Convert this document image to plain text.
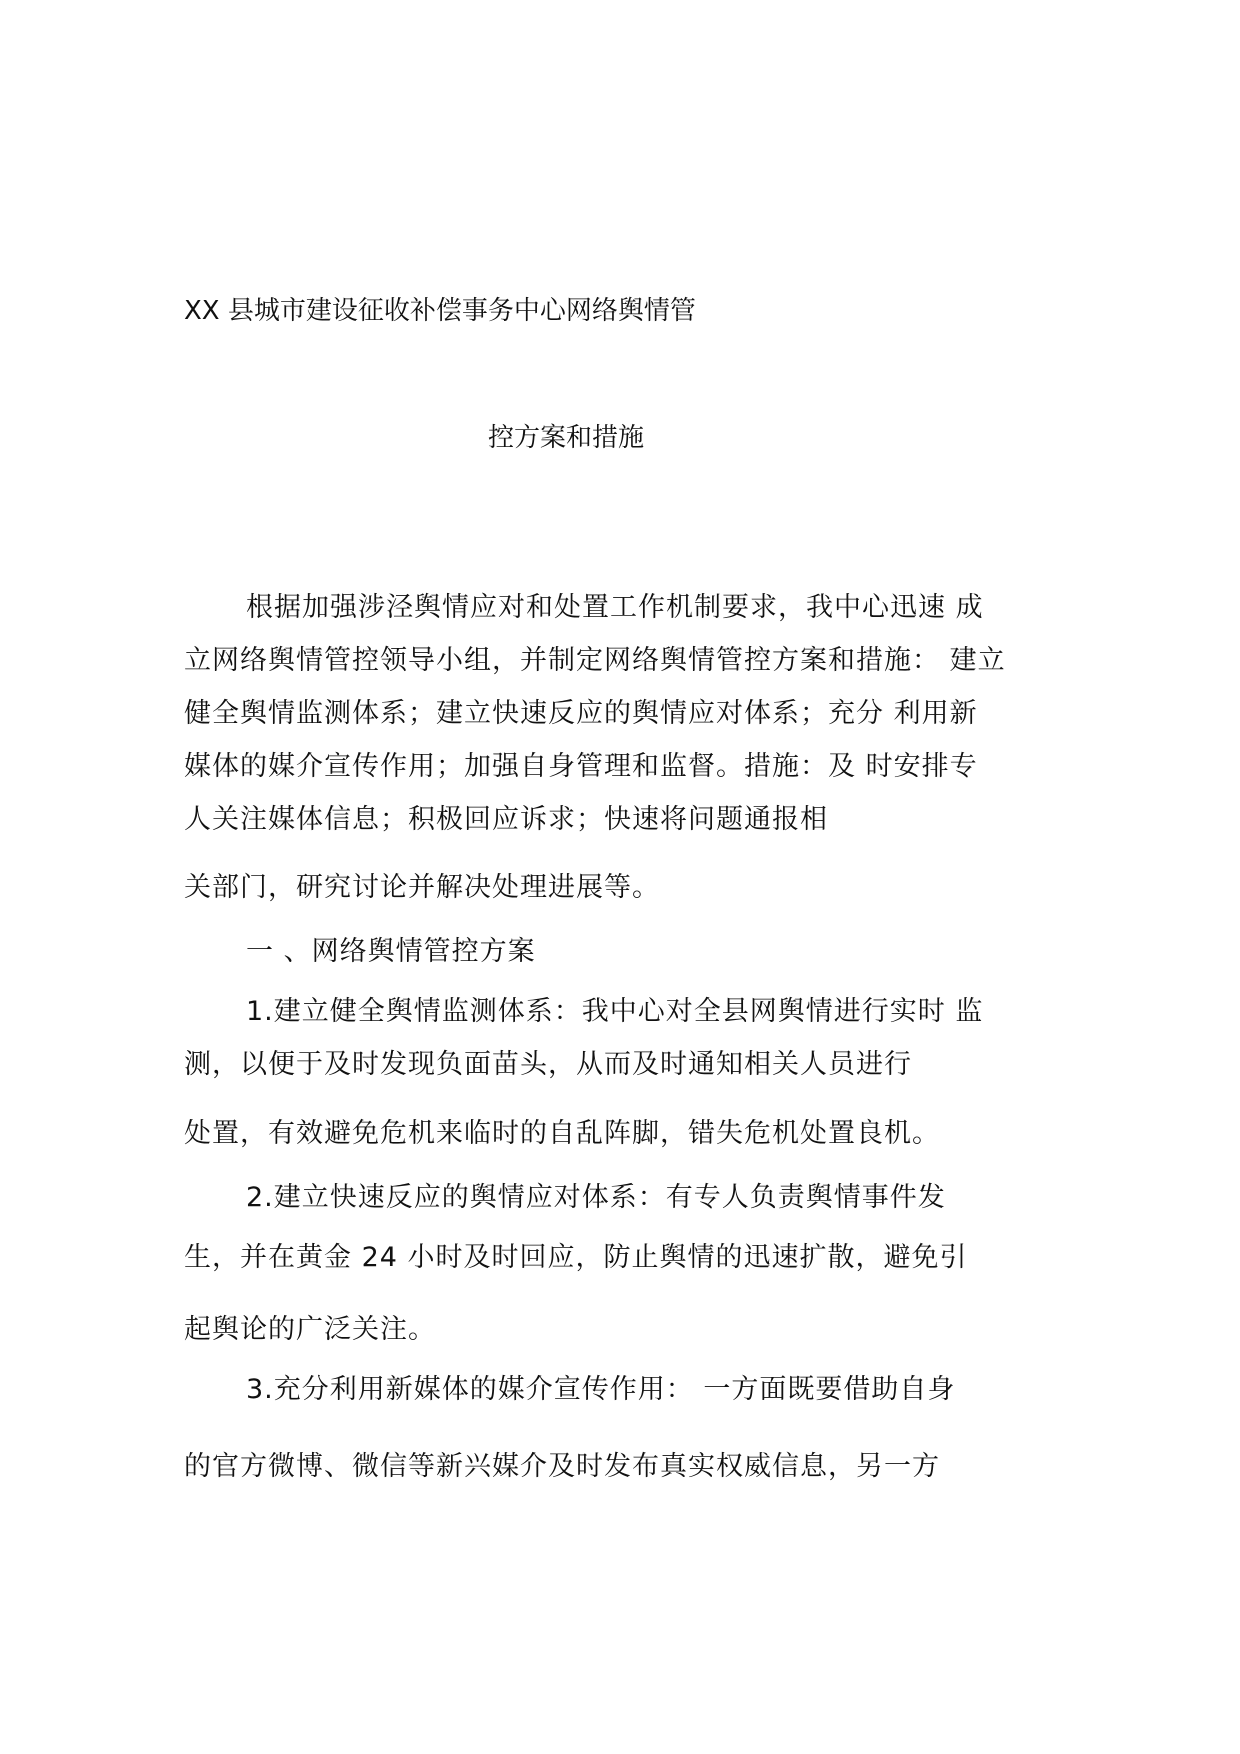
XX 县城市建设征收补偿事务中心网络舆情管
控方案和措施
根据加强涉泾舆情应对和处置工作机制要求，我中心迅速 成
立网络舆情管控领导小组，并制定网络舆情管控方案和措施： 建立
健全舆情监测体系；建立快速反应的舆情应对体系；充分 利用新
媒体的媒介宣传作用；加强自身管理和监督。措施：及 时安排专
人关注媒体信息；积极回应诉求；快速将问题通报相
关部门，研究讨论并解决处理进展等。
一 、网络舆情管控方案
1.建立健全舆情监测体系：我中心对全县网舆情进行实时 监
测，以便于及时发现负面苗头，从而及时通知相关人员进行
处置，有效避免危机来临时的自乱阵脚，错失危机处置良机。
2.建立快速反应的舆情应对体系：有专人负责舆情事件发
生，并在黄金 24 小时及时回应，防止舆情的迅速扩散，避免引
起舆论的广泛关注。
3.充分利用新媒体的媒介宣传作用： 一方面既要借助自身
的官方微博、微信等新兴媒介及时发布真实权威信息，另一方
